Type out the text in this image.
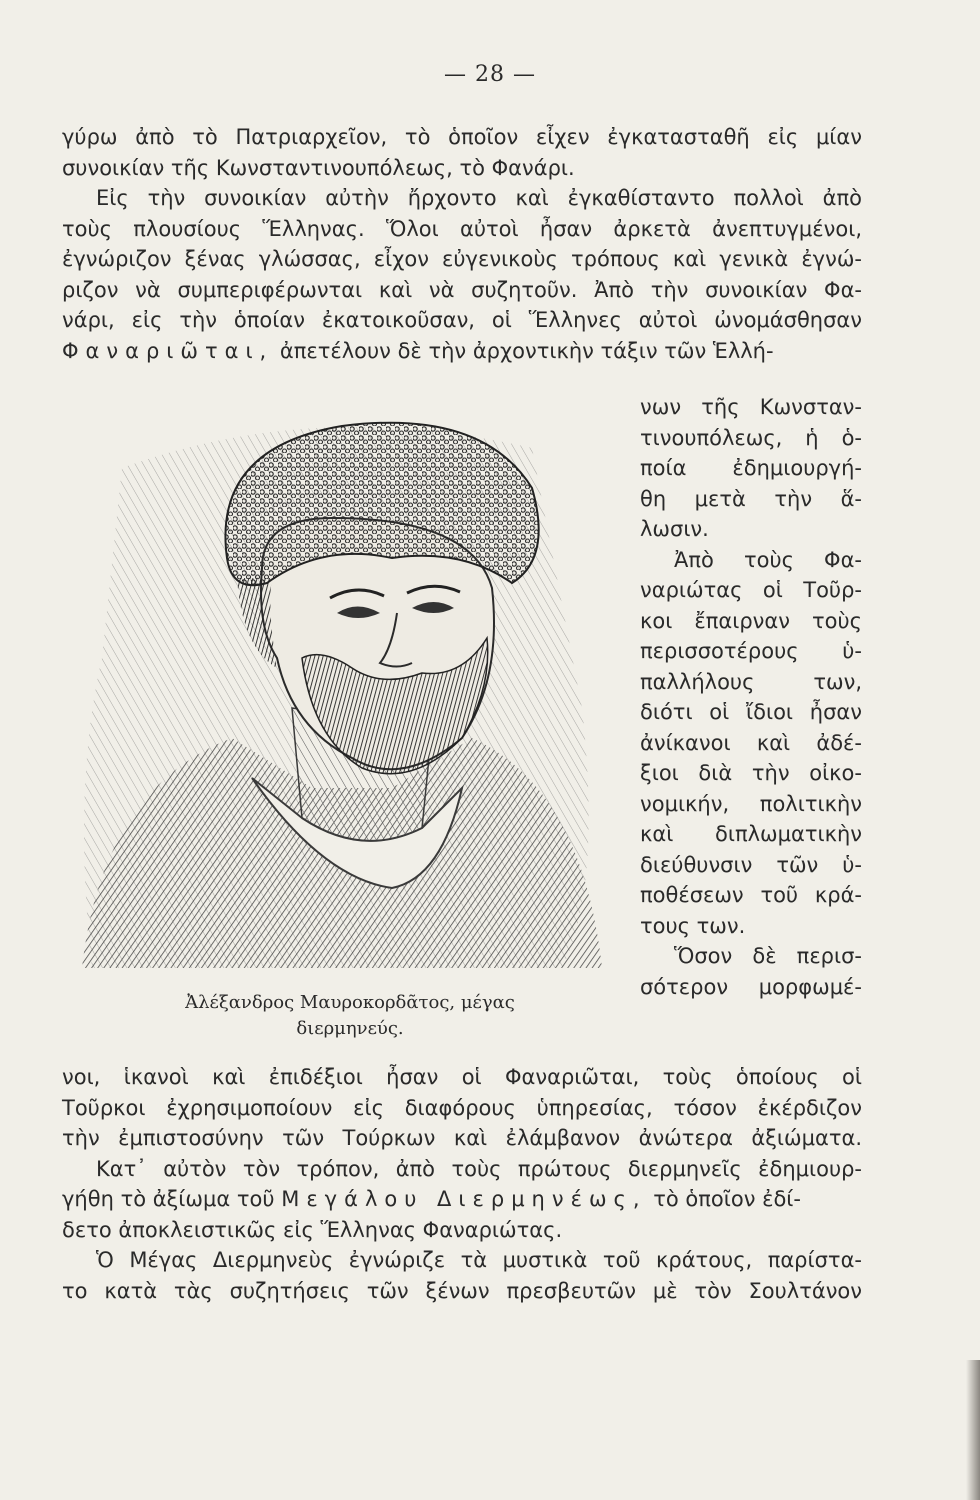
— 28 —
γύρω ἀπὸ τὸ Πατριαρχεῖον, τὸ ὁποῖον εἶχεν ἐγκατασταθῆ εἰς μίαν
συνοικίαν τῆς Κωνσταντινουπόλεως, τὸ Φανάρι.
Εἰς τὴν συνοικίαν αὐτὴν ἤρχοντο καὶ ἐγκαθίσταντο πολλοὶ ἀπὸ
τοὺς πλουσίους Ἕλληνας. Ὅλοι αὐτοὶ ἦσαν ἀρκετὰ ἀνεπτυγμένοι,
ἐγνώριζον ξένας γλώσσας, εἶχον εὐγενικοὺς τρόπους καὶ γενικὰ ἐγνώ-
ριζον νὰ συμπεριφέρωνται καὶ νὰ συζητοῦν. Ἀπὸ τὴν συνοικίαν Φα-
νάρι, εἰς τὴν ὁποίαν ἐκατοικοῦσαν, οἱ Ἕλληνες αὐτοὶ ὠνομάσθησαν
Φαναριῶται, ἀπετέλουν δὲ τὴν ἀρχοντικὴν τάξιν τῶν Ἑλλή-
Ἀλέξανδρος Μαυροκορδᾶτος, μέγας
διερμηνεύς.
νων τῆς Κωνσταν-
τινουπόλεως, ἡ ὁ-
ποία ἐδημιουργή-
θη μετὰ τὴν ἅ-
λωσιν.
Ἀπὸ τοὺς Φα-
ναριώτας οἱ Τοῦρ-
κοι ἔπαιρναν τοὺς
περισσοτέρους ὑ-
παλλήλους των,
διότι οἱ ἴδιοι ἦσαν
ἀνίκανοι καὶ ἀδέ-
ξιοι διὰ τὴν οἰκο-
νομικήν, πολιτικὴν
καὶ διπλωματικὴν
διεύθυνσιν τῶν ὑ-
ποθέσεων τοῦ κρά-
τους των.
Ὅσον δὲ περισ-
σότερον μορφωμέ-
νοι, ἱκανοὶ καὶ ἐπιδέξιοι ἦσαν οἱ Φαναριῶται, τοὺς ὁποίους οἱ
Τοῦρκοι ἐχρησιμοποίουν εἰς διαφόρους ὑπηρεσίας, τόσον ἐκέρδιζον
τὴν ἐμπιστοσύνην τῶν Τούρκων καὶ ἐλάμβανον ἀνώτερα ἀξιώματα.
Κατ᾽ αὐτὸν τὸν τρόπον, ἀπὸ τοὺς πρώτους διερμηνεῖς ἐδημιουρ-
γήθη τὸ ἀξίωμα τοῦ Μεγάλου Διερμηνέως, τὸ ὁποῖον ἐδί-
δετο ἀποκλειστικῶς εἰς Ἕλληνας Φαναριώτας.
Ὁ Μέγας Διερμηνεὺς ἐγνώριζε τὰ μυστικὰ τοῦ κράτους, παρίστα-
το κατὰ τὰς συζητήσεις τῶν ξένων πρεσβευτῶν μὲ τὸν Σουλτάνον
